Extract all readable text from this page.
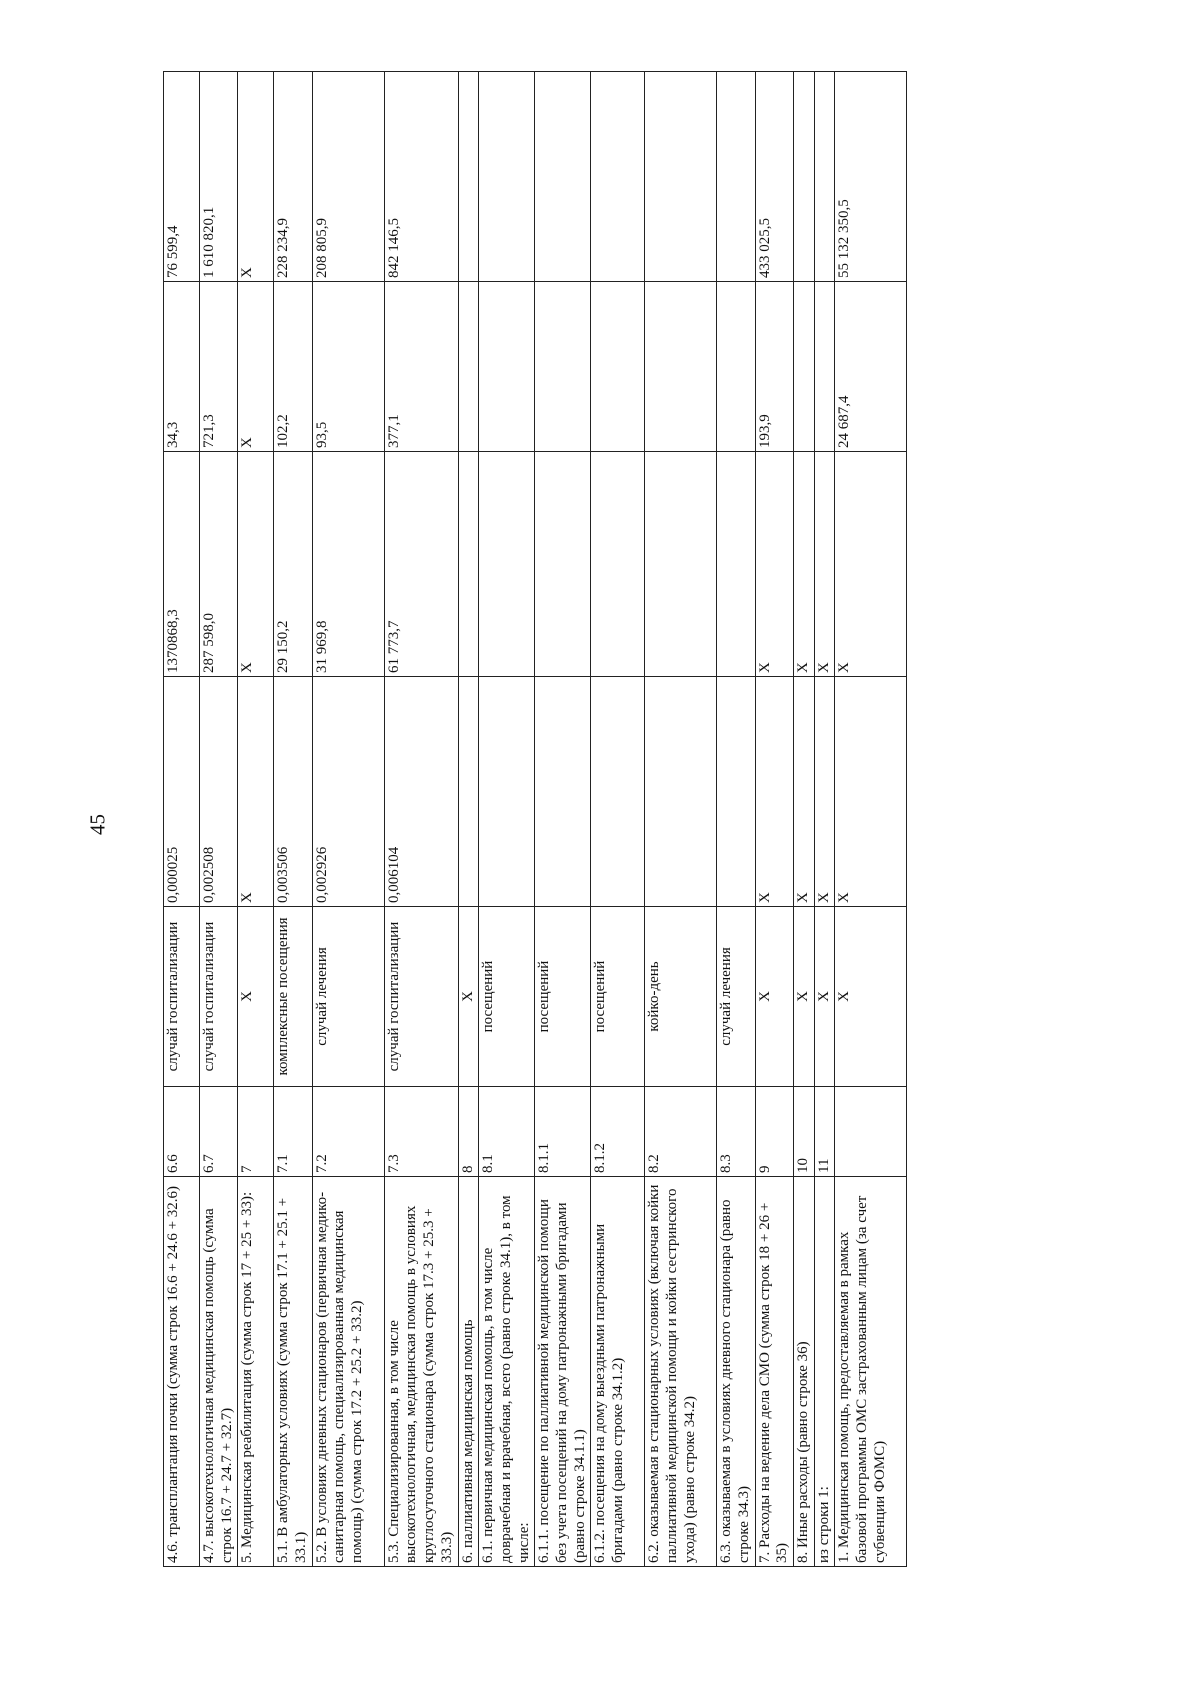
45
4.6. трансплантация почки (сумма строк 16.6 + 24.6 + 32.6)	6.6	случай госпитализации	0,000025	1370868,3	34,3	76 599,4
4.7. высокотехнологичная медицинская помощь (сумма строк 16.7 + 24.7 + 32.7)	6.7	случай госпитализации	0,002508	287 598,0	721,3	1 610 820,1
5. Медицинская реабилитация (сумма строк 17 + 25 + 33):	7	Х	Х	Х	Х	Х
5.1. В амбулаторных условиях (сумма строк 17.1 + 25.1 + 33.1)	7.1	комплексные посещения	0,003506	29 150,2	102,2	228 234,9
5.2. В условиях дневных стационаров (первичная медико-санитарная помощь, специализированная медицинская помощь) (сумма строк 17.2 + 25.2 + 33.2)	7.2	случай лечения	0,002926	31 969,8	93,5	208 805,9
5.3. Специализированная, в том числе высокотехнологичная, медицинская помощь в условиях круглосуточного стационара (сумма строк 17.3 + 25.3 + 33.3)	7.3	случай госпитализации	0,006104	61 773,7	377,1	842 146,5
6. паллиативная медицинская помощь	8	Х				
6.1. первичная медицинская помощь, в том числе доврачебная и врачебная, всего (равно строке 34.1), в том числе:	8.1	посещений				
6.1.1. посещение по паллиативной медицинской помощи без учета посещений на дому патронажными бригадами (равно строке 34.1.1)	8.1.1	посещений				
6.1.2. посещения на дому выездными патронажными бригадами (равно строке 34.1.2)	8.1.2	посещений				
6.2. оказываемая в стационарных условиях (включая койки паллиативной медицинской помощи и койки сестринского ухода) (равно строке 34.2)	8.2	койко-день				
6.3. оказываемая в условиях дневного стационара (равно строке 34.3)	8.3	случай лечения				
7. Расходы на ведение дела СМО (сумма строк 18 + 26 + 35)	9	Х	Х	Х	193,9	433 025,5
8. Иные расходы (равно строке 36)	10	Х	Х	Х		
из строки 1:	11	Х	Х	Х		
1. Медицинская помощь, предоставляемая в рамках базовой программы ОМС застрахованным лицам (за счет субвенции ФОМС)		Х	Х	Х	24 687,4	55 132 350,5
